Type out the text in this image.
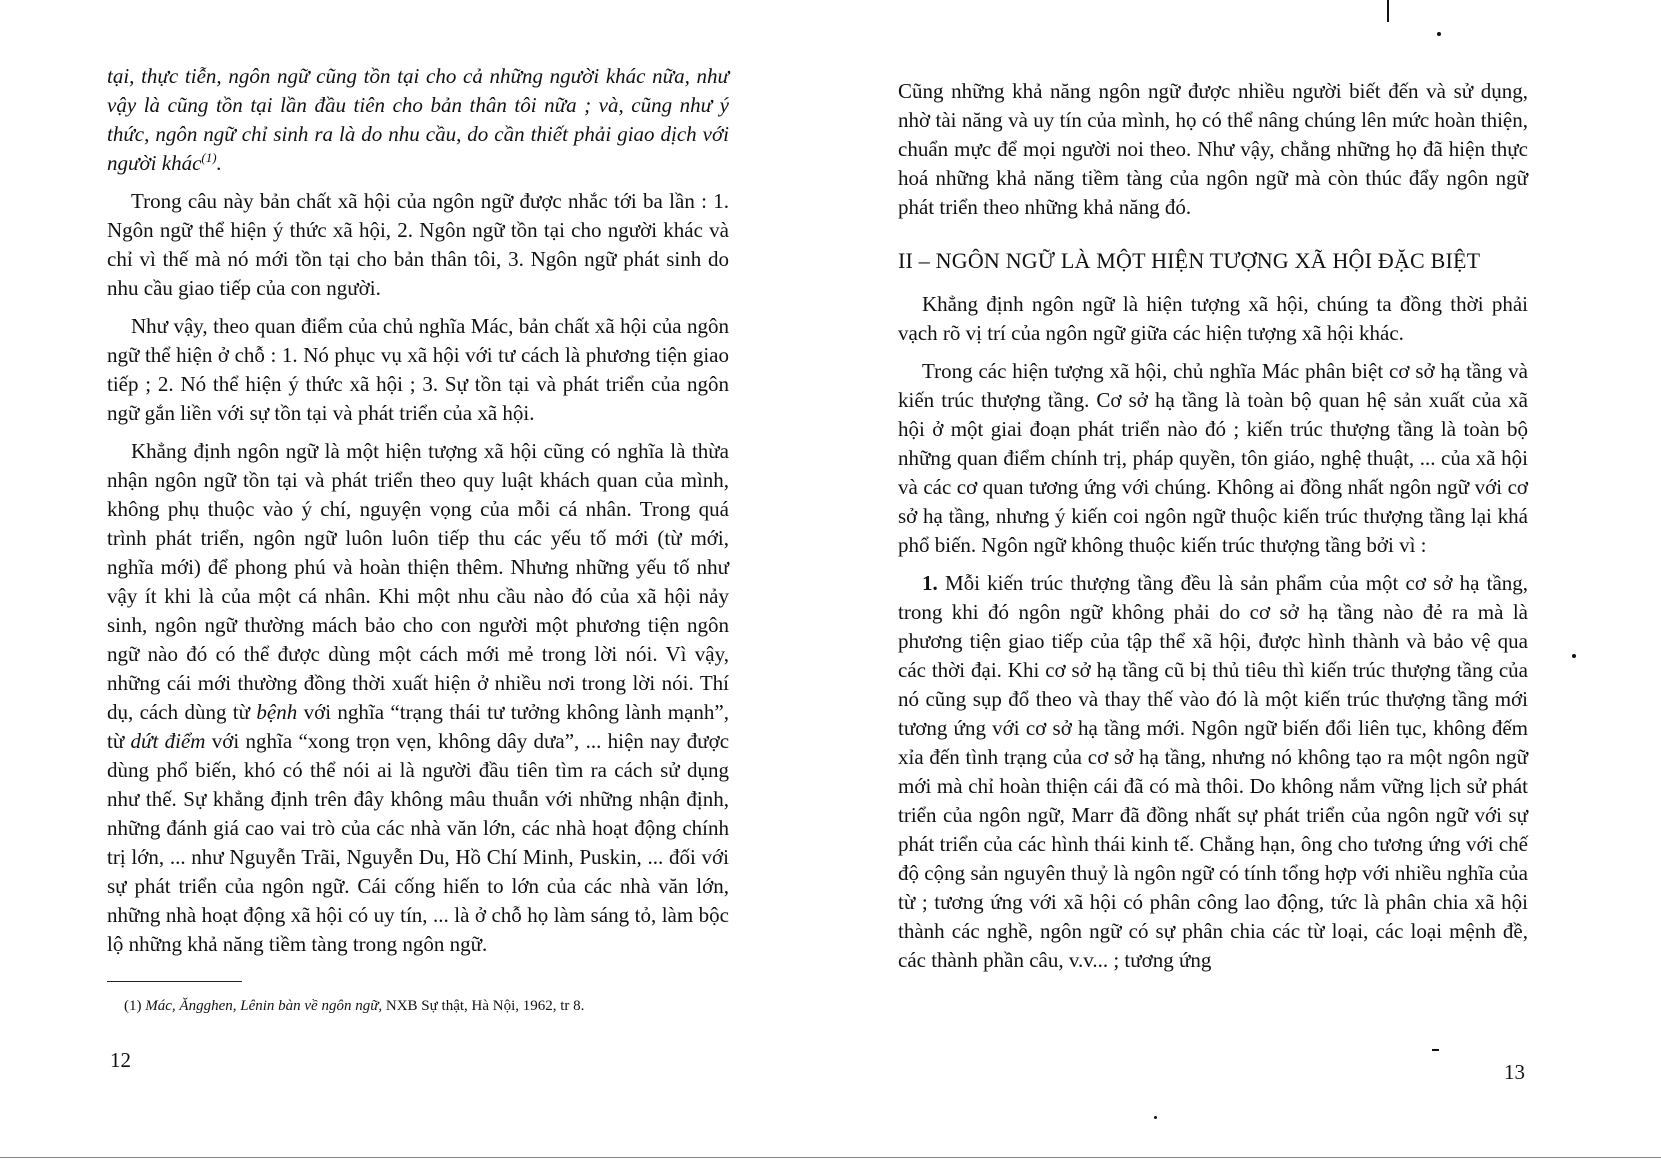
tại, thực tiễn, ngôn ngữ cũng tồn tại cho cả những người khác nữa, như vậy là cũng tồn tại lần đầu tiên cho bản thân tôi nữa ; và, cũng như ý thức, ngôn ngữ chỉ sinh ra là do nhu cầu, do cần thiết phải giao dịch với người khác$^{(1)}$.

Trong câu này bản chất xã hội của ngôn ngữ được nhắc tới ba lần : 1. Ngôn ngữ thể hiện ý thức xã hội, 2. Ngôn ngữ tồn tại cho người khác và chỉ vì thế mà nó mới tồn tại cho bản thân tôi, 3. Ngôn ngữ phát sinh do nhu cầu giao tiếp của con người.

Như vậy, theo quan điểm của chủ nghĩa Mác, bản chất xã hội của ngôn ngữ thể hiện ở chỗ : 1. Nó phục vụ xã hội với tư cách là phương tiện giao tiếp ; 2. Nó thể hiện ý thức xã hội ; 3. Sự tồn tại và phát triển của ngôn ngữ gắn liền với sự tồn tại và phát triển của xã hội.

Khẳng định ngôn ngữ là một hiện tượng xã hội cũng có nghĩa là thừa nhận ngôn ngữ tồn tại và phát triển theo quy luật khách quan của mình, không phụ thuộc vào ý chí, nguyện vọng của mỗi cá nhân. Trong quá trình phát triển, ngôn ngữ luôn luôn tiếp thu các yếu tố mới (từ mới, nghĩa mới) để phong phú và hoàn thiện thêm. Nhưng những yếu tố như vậy ít khi là của một cá nhân. Khi một nhu cầu nào đó của xã hội nảy sinh, ngôn ngữ thường mách bảo cho con người một phương tiện ngôn ngữ nào đó có thể được dùng một cách mới mẻ trong lời nói. Vì vậy, những cái mới thường đồng thời xuất hiện ở nhiều nơi trong lời nói. Thí dụ, cách dùng từ bệnh với nghĩa “trạng thái tư tưởng không lành mạnh”, từ dứt điểm với nghĩa “xong trọn vẹn, không dây dưa”, ... hiện nay được dùng phổ biến, khó có thể nói ai là người đầu tiên tìm ra cách sử dụng như thế. Sự khẳng định trên đây không mâu thuẫn với những nhận định, những đánh giá cao vai trò của các nhà văn lớn, các nhà hoạt động chính trị lớn, ... như Nguyễn Trãi, Nguyễn Du, Hồ Chí Minh, Puskin, ... đối với sự phát triển của ngôn ngữ. Cái cống hiến to lớn của các nhà văn lớn, những nhà hoạt động xã hội có uy tín, ... là ở chỗ họ làm sáng tỏ, làm bộc lộ những khả năng tiềm tàng trong ngôn ngữ.

(1) Mác, Ăngghen, Lênin bàn về ngôn ngữ, NXB Sự thật, Hà Nội, 1962, tr 8.
12

Cũng những khả năng ngôn ngữ được nhiều người biết đến và sử dụng, nhờ tài năng và uy tín của mình, họ có thể nâng chúng lên mức hoàn thiện, chuẩn mực để mọi người noi theo. Như vậy, chẳng những họ đã hiện thực hoá những khả năng tiềm tàng của ngôn ngữ mà còn thúc đẩy ngôn ngữ phát triển theo những khả năng đó.

II – NGÔN NGỮ LÀ MỘT HIỆN TƯỢNG XÃ HỘI ĐẶC BIỆT

Khẳng định ngôn ngữ là hiện tượng xã hội, chúng ta đồng thời phải vạch rõ vị trí của ngôn ngữ giữa các hiện tượng xã hội khác.

Trong các hiện tượng xã hội, chủ nghĩa Mác phân biệt cơ sở hạ tầng và kiến trúc thượng tầng. Cơ sở hạ tầng là toàn bộ quan hệ sản xuất của xã hội ở một giai đoạn phát triển nào đó ; kiến trúc thượng tầng là toàn bộ những quan điểm chính trị, pháp quyền, tôn giáo, nghệ thuật, ... của xã hội và các cơ quan tương ứng với chúng. Không ai đồng nhất ngôn ngữ với cơ sở hạ tầng, nhưng ý kiến coi ngôn ngữ thuộc kiến trúc thượng tầng lại khá phổ biến. Ngôn ngữ không thuộc kiến trúc thượng tầng bởi vì :

1. Mỗi kiến trúc thượng tầng đều là sản phẩm của một cơ sở hạ tầng, trong khi đó ngôn ngữ không phải do cơ sở hạ tầng nào đẻ ra mà là phương tiện giao tiếp của tập thể xã hội, được hình thành và bảo vệ qua các thời đại. Khi cơ sở hạ tầng cũ bị thủ tiêu thì kiến trúc thượng tầng của nó cũng sụp đổ theo và thay thế vào đó là một kiến trúc thượng tầng mới tương ứng với cơ sở hạ tầng mới. Ngôn ngữ biến đổi liên tục, không đếm xỉa đến tình trạng của cơ sở hạ tầng, nhưng nó không tạo ra một ngôn ngữ mới mà chỉ hoàn thiện cái đã có mà thôi. Do không nắm vững lịch sử phát triển của ngôn ngữ, Marr đã đồng nhất sự phát triển của ngôn ngữ với sự phát triển của các hình thái kinh tế. Chẳng hạn, ông cho tương ứng với chế độ cộng sản nguyên thuỷ là ngôn ngữ có tính tổng hợp với nhiều nghĩa của từ ; tương ứng với xã hội có phân công lao động, tức là phân chia xã hội thành các nghề, ngôn ngữ có sự phân chia các từ loại, các loại mệnh đề, các thành phần câu, v.v... ; tương ứng

13
